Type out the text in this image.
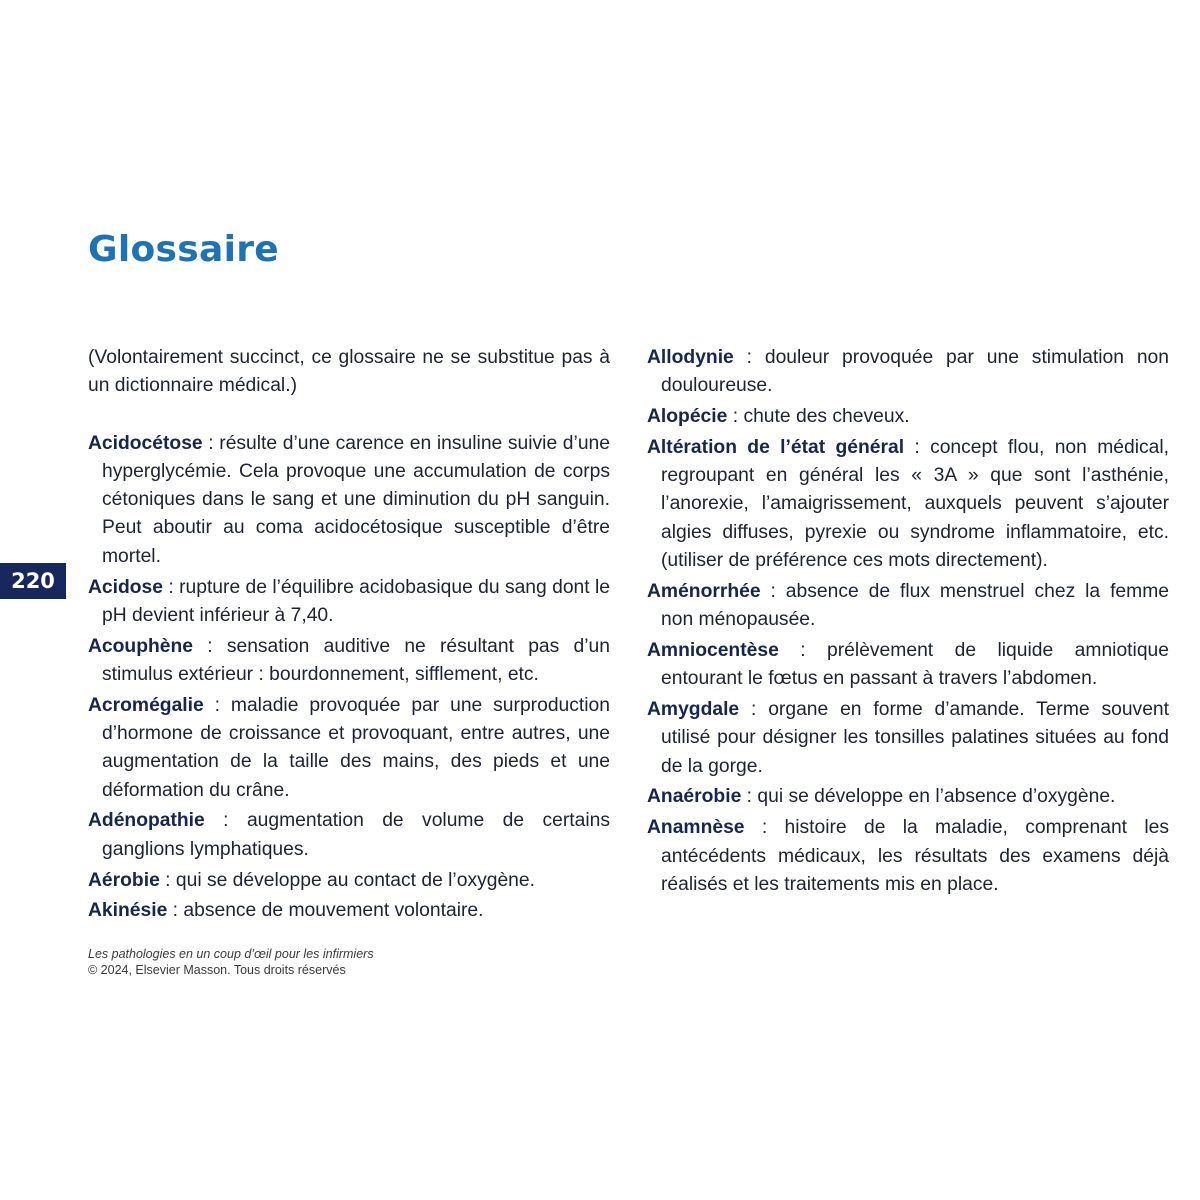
Glossaire
220

(Volontairement succinct, ce glossaire ne se substitue pas à un dictionnaire médical.)

Acidocétose : résulte d’une carence en insuline suivie d’une hyperglycémie. Cela provoque une accumulation de corps cétoniques dans le sang et une diminution du pH sanguin. Peut aboutir au coma acidocétosique susceptible d’être mortel.

Acidose : rupture de l’équilibre acidobasique du sang dont le pH devient inférieur à 7,40.

Acouphène : sensation auditive ne résultant pas d’un stimulus extérieur : bourdonnement, sifflement, etc.

Acromégalie : maladie provoquée par une surproduction d’hormone de croissance et provoquant, entre autres, une augmentation de la taille des mains, des pieds et une déformation du crâne.

Adénopathie : augmentation de volume de certains ganglions lymphatiques.

Aérobie : qui se développe au contact de l’oxygène.

Akinésie : absence de mouvement volontaire.

Allodynie : douleur provoquée par une stimulation non douloureuse.

Alopécie : chute des cheveux.

Altération de l’état général : concept flou, non médical, regroupant en général les « 3A » que sont l’asthénie, l’anorexie, l’amaigrissement, auxquels peuvent s’ajouter algies diffuses, pyrexie ou syndrome inflammatoire, etc. (utiliser de préférence ces mots directement).

Aménorrhée : absence de flux menstruel chez la femme non ménopausée.

Amniocentèse : prélèvement de liquide amniotique entourant le fœtus en passant à travers l’abdomen.

Amygdale : organe en forme d’amande. Terme souvent utilisé pour désigner les tonsilles palatines situées au fond de la gorge.

Anaérobie : qui se développe en l’absence d’oxygène.

Anamnèse : histoire de la maladie, comprenant les antécédents médicaux, les résultats des examens déjà réalisés et les traitements mis en place.

Les pathologies en un coup d’œil pour les infirmiers
© 2024, Elsevier Masson. Tous droits réservés
